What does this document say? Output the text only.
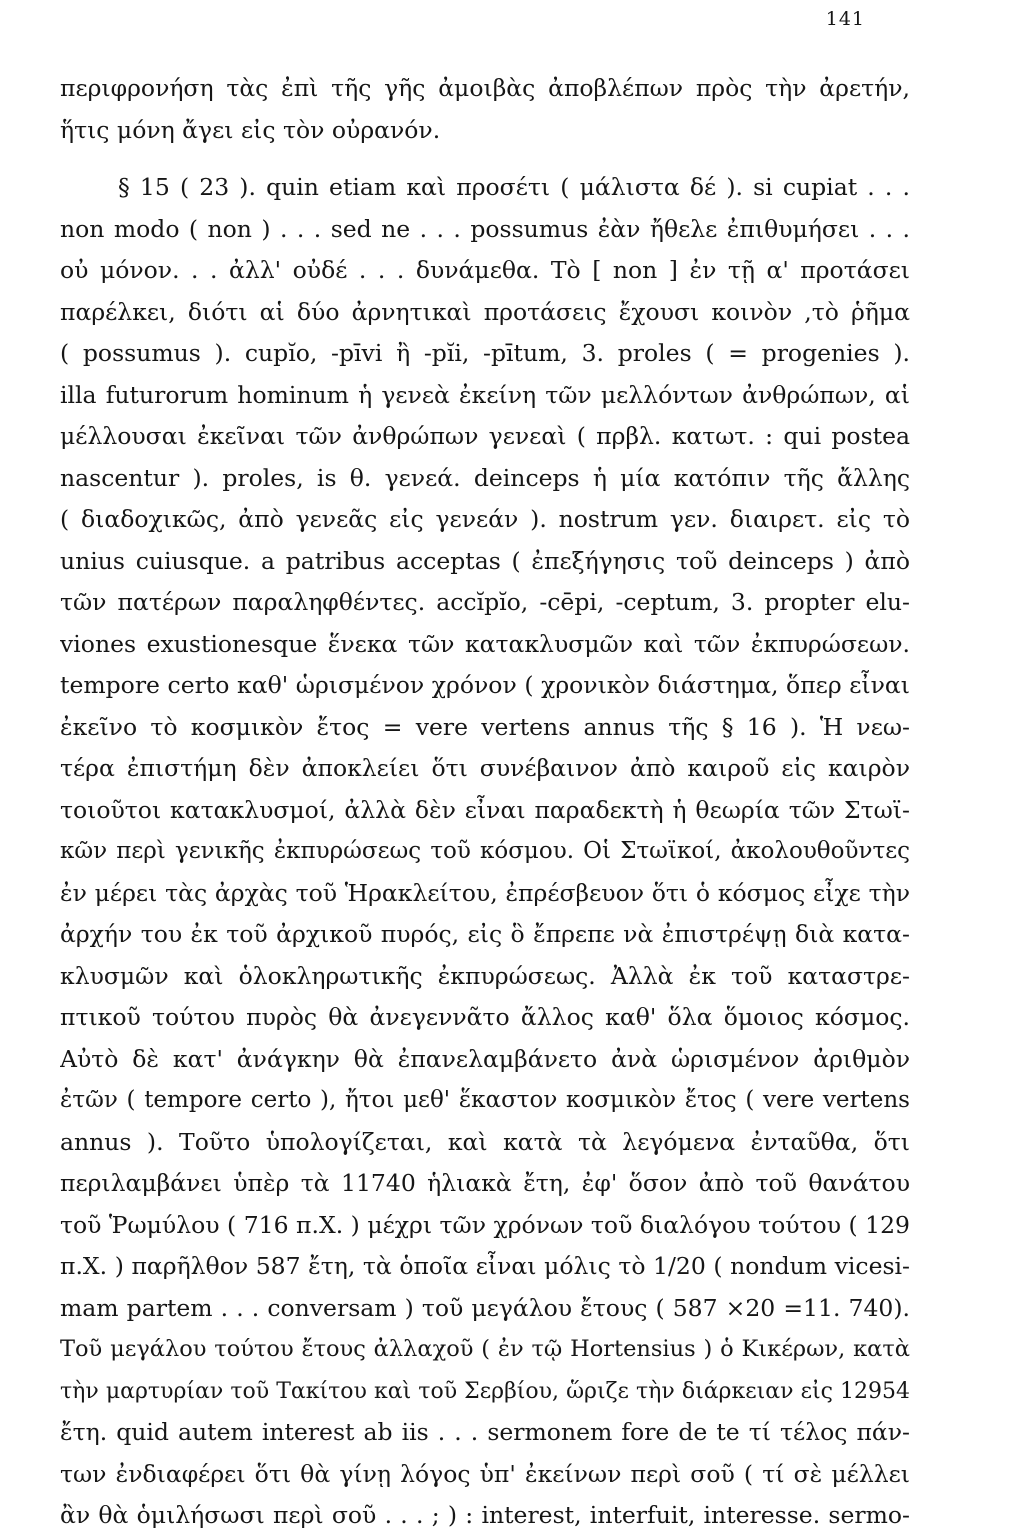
141
περιφρονήση τὰς ἐπὶ τῆς γῆς ἀμοιβὰς ἀποβλέπων πρὸς τὴν ἀρετήν,
ἥτις μόνη ἄγει εἰς τὸν οὐρανόν.
§ 15 ( 23 ). quin etiam καὶ προσέτι ( μάλιστα δέ ). si cupiat . . .
non modo ( non ) . . . sed ne . . . possumus ἐὰν ἤθελε ἐπιθυμήσει . . .
οὐ μόνον. . . ἀλλ' οὐδέ . . . δυνάμεθα. Τὸ [ non ] ἐν τῇ α' προτάσει
παρέλκει, διότι αἱ δύο ἀρνητικαὶ προτάσεις ἔχουσι κοινὸν ,τὸ ῥῆμα
( possumus ). cupĭo, -pīvi ἢ -pĭi, -pītum, 3. proles ( = progenies ).
illa futurorum hominum ἡ γενεὰ ἐκείνη τῶν μελλόντων ἀνθρώπων, αἱ
μέλλουσαι ἐκεῖναι τῶν ἀνθρώπων γενεαὶ ( πρβλ. κατωτ. : qui postea
nascentur ). proles, is θ. γενεά. deinceps ἡ μία κατόπιν τῆς ἄλλης
( διαδοχικῶς, ἀπὸ γενεᾶς εἰς γενεάν ). nostrum γεν. διαιρετ. εἰς τὸ
unius cuiusque. a patribus acceptas ( ἐπεξήγησις τοῦ deinceps ) ἀπὸ
τῶν πατέρων παραληφθέντες. accĭpĭo, -cēpi, -ceptum, 3. propter elu-
viones exustionesque ἕνεκα τῶν κατακλυσμῶν καὶ τῶν ἐκπυρώσεων.
tempore certo καθ' ὡρισμένον χρόνον ( χρονικὸν διάστημα, ὅπερ εἶναι
ἐκεῖνο τὸ κοσμικὸν ἔτος = vere vertens annus τῆς § 16 ). Ἡ νεω-
τέρα ἐπιστήμη δὲν ἀποκλείει ὅτι συνέβαινον ἀπὸ καιροῦ εἰς καιρὸν
τοιοῦτοι κατακλυσμοί, ἀλλὰ δὲν εἶναι παραδεκτὴ ἡ θεωρία τῶν Στωϊ-
κῶν περὶ γενικῆς ἐκπυρώσεως τοῦ κόσμου. Οἱ Στωϊκοί, ἀκολουθοῦντες
ἐν μέρει τὰς ἀρχὰς τοῦ Ἡρακλείτου, ἐπρέσβευον ὅτι ὁ κόσμος εἶχε τὴν
ἀρχήν του ἐκ τοῦ ἀρχικοῦ πυρός, εἰς ὃ ἔπρεπε νὰ ἐπιστρέψῃ διὰ κατα-
κλυσμῶν καὶ ὁλοκληρωτικῆς ἐκπυρώσεως. Ἀλλὰ ἐκ τοῦ καταστρε-
πτικοῦ τούτου πυρὸς θὰ ἀνεγεννᾶτο ἄλλος καθ' ὅλα ὅμοιος κόσμος.
Αὐτὸ δὲ κατ' ἀνάγκην θὰ ἐπανελαμβάνετο ἀνὰ ὡρισμένον ἀριθμὸν
ἐτῶν ( tempore certo ), ἤτοι μεθ' ἕκαστον κοσμικὸν ἔτος ( vere vertens
annus ). Τοῦτο ὑπολογίζεται, καὶ κατὰ τὰ λεγόμενα ἐνταῦθα, ὅτι
περιλαμβάνει ὑπὲρ τὰ 11740 ἡλιακὰ ἔτη, ἐφ' ὅσον ἀπὸ τοῦ θανάτου
τοῦ Ῥωμύλου ( 716 π.Χ. ) μέχρι τῶν χρόνων τοῦ διαλόγου τούτου ( 129
π.Χ. ) παρῆλθον 587 ἔτη, τὰ ὁποῖα εἶναι μόλις τὸ 1/20 ( nondum vicesi-
mam partem . . . conversam ) τοῦ μεγάλου ἔτους ( 587 ×20 =11. 740).
Τοῦ μεγάλου τούτου ἔτους ἀλλαχοῦ ( ἐν τῷ Hortensius ) ὁ Κικέρων, κατὰ
τὴν μαρτυρίαν τοῦ Τακίτου καὶ τοῦ Σερβίου, ὥριζε τὴν διάρκειαν εἰς 12954
ἔτη. quid autem interest ab iis . . . sermonem fore de te τί τέλος πάν-
των ἐνδιαφέρει ὅτι θὰ γίνῃ λόγος ὑπ' ἐκείνων περὶ σοῦ ( τί σὲ μέλλει
ἂν θὰ ὁμιλήσωσι περὶ σοῦ . . . ; ) : interest, interfuit, interesse. sermo-
